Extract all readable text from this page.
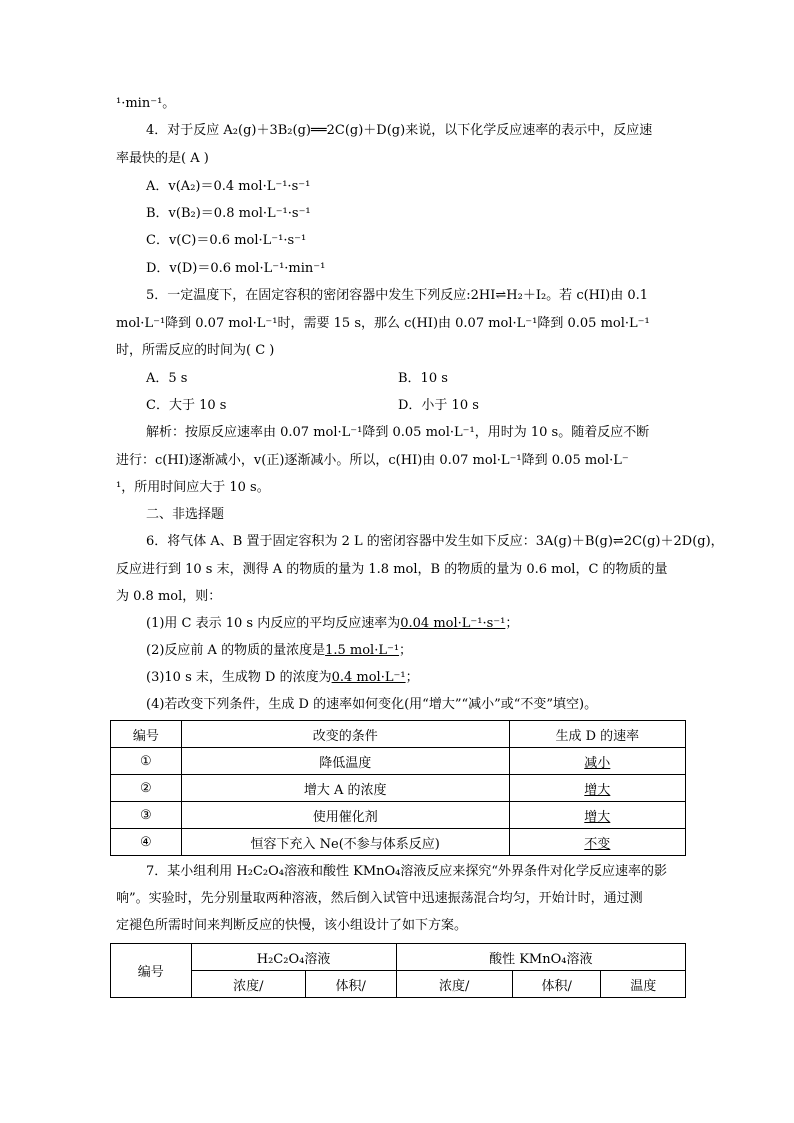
¹·min⁻¹。
4．对于反应 A₂(g)＋3B₂(g)══2C(g)＋D(g)来说，以下化学反应速率的表示中，反应速
率最快的是( A )
A．v(A₂)＝0.4 mol·L⁻¹·s⁻¹
B．v(B₂)＝0.8 mol·L⁻¹·s⁻¹
C．v(C)＝0.6 mol·L⁻¹·s⁻¹
D．v(D)＝0.6 mol·L⁻¹·min⁻¹
5．一定温度下，在固定容积的密闭容器中发生下列反应:2HI⇌H₂＋I₂。若 c(HI)由 0.1
mol·L⁻¹降到 0.07 mol·L⁻¹时，需要 15 s，那么 c(HI)由 0.07 mol·L⁻¹降到 0.05 mol·L⁻¹
时，所需反应的时间为( C )
A．5 s	B．10 s
C．大于 10 s	D．小于 10 s
解析：按原反应速率由 0.07 mol·L⁻¹降到 0.05 mol·L⁻¹，用时为 10 s。随着反应不断
进行：c(HI)逐渐减小，v(正)逐渐减小。所以，c(HI)由 0.07 mol·L⁻¹降到 0.05 mol·L⁻
¹，所用时间应大于 10 s。
二、非选择题
6．将气体 A、B 置于固定容积为 2 L 的密闭容器中发生如下反应：3A(g)＋B(g)⇌2C(g)＋2D(g)，
反应进行到 10 s 末，测得 A 的物质的量为 1.8 mol，B 的物质的量为 0.6 mol，C 的物质的量
为 0.8 mol，则：
(1)用 C 表示 10 s 内反应的平均反应速率为0.04 mol·L⁻¹·s⁻¹；
(2)反应前 A 的物质的量浓度是1.5 mol·L⁻¹；
(3)10 s 末，生成物 D 的浓度为0.4 mol·L⁻¹；
(4)若改变下列条件，生成 D 的速率如何变化(用“增大”“减小”或“不变”填空)。
编号	改变的条件	生成 D 的速率
①	降低温度	减小
②	增大 A 的浓度	增大
③	使用催化剂	增大
④	恒容下充入 Ne(不参与体系反应)	不变
7．某小组利用 H₂C₂O₄溶液和酸性 KMnO₄溶液反应来探究“外界条件对化学反应速率的影
响”。实验时，先分别量取两种溶液，然后倒入试管中迅速振荡混合均匀，开始计时，通过测
定褪色所需时间来判断反应的快慢，该小组设计了如下方案。
编号	H₂C₂O₄溶液		酸性 KMnO₄溶液		
	浓度/	体积/	浓度/	体积/	温度
